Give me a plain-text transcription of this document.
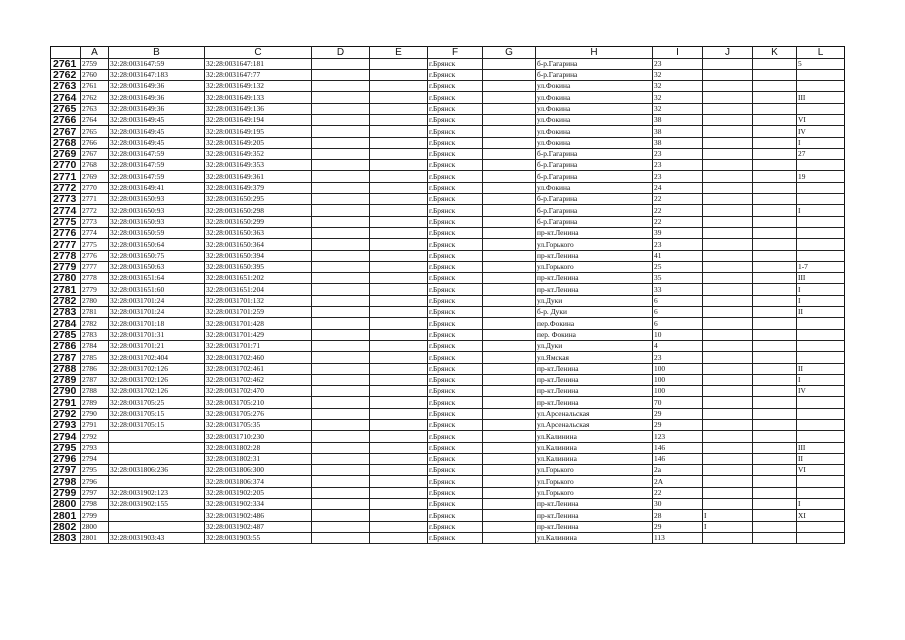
	A	B	C	D	E	F	G	H	I	J	K	L
2761	2759	32:28:0031647:59	32:28:0031647:181			г.Брянск		б-р.Гагарина	23			5
2762	2760	32:28:0031647:183	32:28:0031647:77			г.Брянск		б-р.Гагарина	32			
2763	2761	32:28:0031649:36	32:28:0031649:132			г.Брянск		ул.Фокина	32			
2764	2762	32:28:0031649:36	32:28:0031649:133			г.Брянск		ул.Фокина	32			III
2765	2763	32:28:0031649:36	32:28:0031649:136			г.Брянск		ул.Фокина	32			
2766	2764	32:28:0031649:45	32:28:0031649:194			г.Брянск		ул.Фокина	38			VI
2767	2765	32:28:0031649:45	32:28:0031649:195			г.Брянск		ул.Фокина	38			IV
2768	2766	32:28:0031649:45	32:28:0031649:205			г.Брянск		ул.Фокина	38			I
2769	2767	32:28:0031647:59	32:28:0031649:352			г.Брянск		б-р.Гагарина	23			27
2770	2768	32:28:0031647:59	32:28:0031649:353			г.Брянск		б-р.Гагарина	23			
2771	2769	32:28:0031647:59	32:28:0031649:361			г.Брянск		б-р.Гагарина	23			19
2772	2770	32:28:0031649:41	32:28:0031649:379			г.Брянск		ул.Фокина	24			
2773	2771	32:28:0031650:93	32:28:0031650:295			г.Брянск		б-р.Гагарина	22			
2774	2772	32:28:0031650:93	32:28:0031650:298			г.Брянск		б-р.Гагарина	22			I
2775	2773	32:28:0031650:93	32:28:0031650:299			г.Брянск		б-р.Гагарина	22			
2776	2774	32:28:0031650:59	32:28:0031650:363			г.Брянск		пр-кт.Ленина	39			
2777	2775	32:28:0031650:64	32:28:0031650:364			г.Брянск		ул.Горького	23			
2778	2776	32:28:0031650:75	32:28:0031650:394			г.Брянск		пр-кт.Ленина	41			
2779	2777	32:28:0031650:63	32:28:0031650:395			г.Брянск		ул.Горького	25			1-7
2780	2778	32:28:0031651:64	32:28:0031651:202			г.Брянск		пр-кт.Ленина	35			III
2781	2779	32:28:0031651:60	32:28:0031651:204			г.Брянск		пр-кт.Ленина	33			I
2782	2780	32:28:0031701:24	32:28:0031701:132			г.Брянск		ул.Дуки	6			I
2783	2781	32:28:0031701:24	32:28:0031701:259			г.Брянск		б-р. Дуки	6			II
2784	2782	32:28:0031701:18	32:28:0031701:428			г.Брянск		пер.Фокина	6			
2785	2783	32:28:0031701:31	32:28:0031701:429			г.Брянск		пер. Фокина	10			
2786	2784	32:28:0031701:21	32:28:0031701:71			г.Брянск		ул.Дуки	4			
2787	2785	32:28:0031702:404	32:28:0031702:460			г.Брянск		ул.Ямская	23			
2788	2786	32:28:0031702:126	32:28:0031702:461			г.Брянск		пр-кт.Ленина	100			II
2789	2787	32:28:0031702:126	32:28:0031702:462			г.Брянск		пр-кт.Ленина	100			I
2790	2788	32:28:0031702:126	32:28:0031702:470			г.Брянск		пр-кт.Ленина	100			IV
2791	2789	32:28:0031705:25	32:28:0031705:210			г.Брянск		пр-кт.Ленина	70			
2792	2790	32:28:0031705:15	32:28:0031705:276			г.Брянск		ул.Арсенальская	29			
2793	2791	32:28:0031705:15	32:28:0031705:35			г.Брянск		ул.Арсенальская	29			
2794	2792		32:28:0031710:230			г.Брянск		ул.Калинина	123			
2795	2793		32:28:0031802:28			г.Брянск		ул.Калинина	146			III
2796	2794		32:28:0031802:31			г.Брянск		ул.Калинина	146			II
2797	2795	32:28:0031806:236	32:28:0031806:300			г.Брянск		ул.Горького	2а			VI
2798	2796		32:28:0031806:374			г.Брянск		ул.Горького	2А			
2799	2797	32:28:0031902:123	32:28:0031902:205			г.Брянск		ул.Горького	22			
2800	2798	32:28:0031902:155	32:28:0031902:334			г.Брянск		пр-кт.Ленина	30			I
2801	2799		32:28:0031902:486			г.Брянск		пр-кт.Ленина	28	I		XI
2802	2800		32:28:0031902:487			г.Брянск		пр-кт.Ленина	29	I		
2803	2801	32:28:0031903:43	32:28:0031903:55			г.Брянск		ул.Калинина	113			
